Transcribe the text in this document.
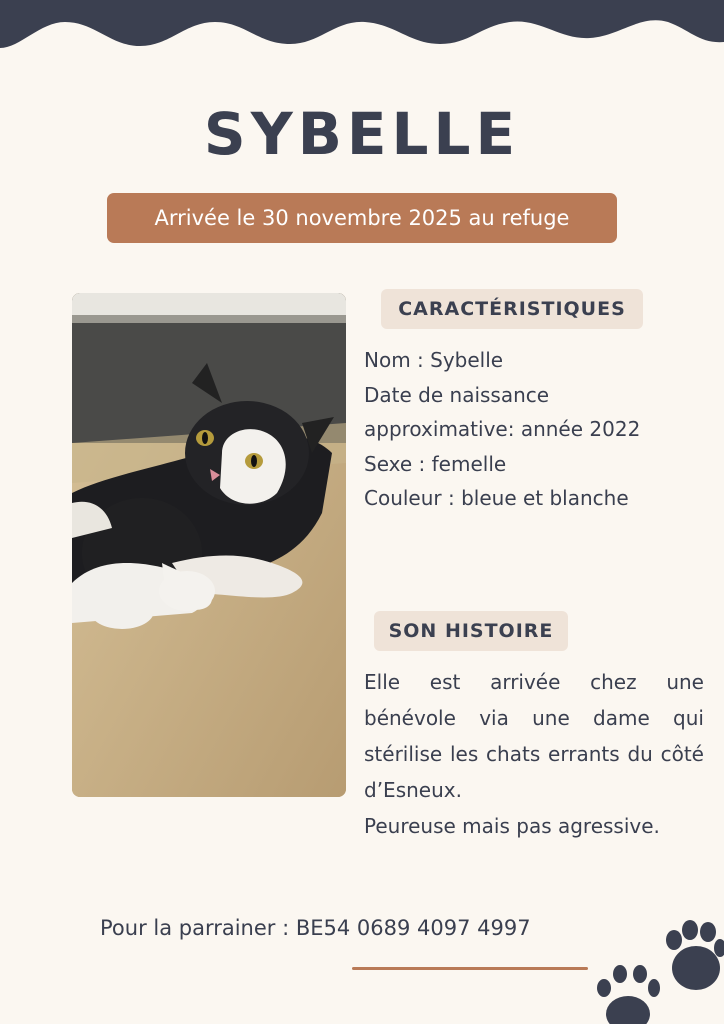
SYBELLE
Arrivée le 30 novembre 2025 au refuge
CARACTÉRISTIQUES
Nom : Sybelle
Date de naissance
approximative: année 2022
Sexe : femelle
Couleur : bleue et blanche
SON HISTOIRE

Elle est arrivée chez une bénévole via une dame qui stérilise les chats errants du côté d’Esneux.

Peureuse mais pas agressive.

Pour la parrainer : BE54 0689 4097 4997
